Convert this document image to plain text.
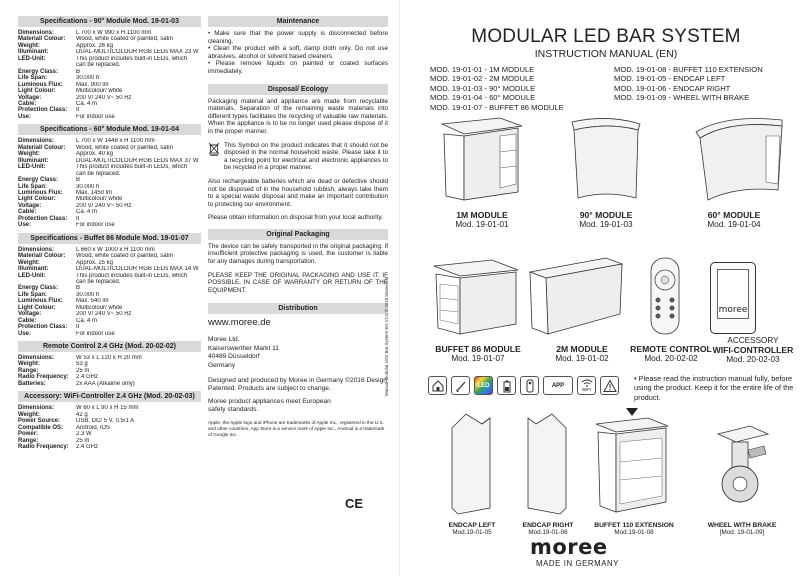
Specifications - 90° Module Mod. 19-01-03
Dimensions:	L 700 x W 990 x H 1100 mm
Material/ Colour:	Wood, white coated or painted, satin
Weight:	Approx. 26 kg
Illuminant:	DUAL-MULTICOLOUR RGB LEDs MAX 23 W
LED-Unit:	This product includes built-in LEDs, which
can be replaced.
Energy Class:	B
Life Span:	30.000 h
Luminous Flux:	Max. 900 lm
Light Colour:	Multicolour/ white
Voltage:	200 V/ 240 V~ 50 Hz
Cable:	Ca. 4 m
Protection Class:	II
Use:	For indoor use
Specifications - 60° Module Mod. 19-01-04
Dimensions:	L 700 x W 1448 x H 1100 mm
Material/ Colour:	Wood, white coated or painted, satin
Weight:	Approx. 40 kg
Illuminant:	DUAL-MULTICOLOUR RGB LEDs MAX 37 W
LED-Unit:	This product includes built-in LEDs, which
can be replaced.
Energy Class:	B
Life Span:	30.000 h
Luminous Flux:	Max. 1450 lm
Light Colour:	Multicolour/ white
Voltage:	200 V/ 240 V~ 50 Hz
Cable:	Ca. 4 m
Protection Class:	II
Use:	For indoor use
Specifications - Buffet 86 Module Mod. 19-01-07
Dimensions:	L 660 x W 1000 x H 1100 mm
Material/ Colour:	Wood, white coated or painted, satin
Weight:	Approx. 25 kg
Illuminant:	DUAL-MULTICOLOUR RGB LEDs MAX 14 W
LED-Unit:	This product includes built-in LEDs, which
can be replaced.
Energy Class:	B
Life Span:	30.000 h
Luminous Flux:	Max. 540 lm
Light Colour:	Multicolour/ white
Voltage:	200 V/ 240 V~ 50 Hz
Cable:	Ca. 4 m
Protection Class:	II
Use:	For indoor use
Remote Control 2.4 GHz (Mod. 20-02-02)
Dimensions:	W 53 x L 120 x H 20 mm
Weight:	53 g
Range:	25 m
Radio Frequency:	2.4 GHz
Batteries:	2x AAA (Alkaline only)
Accessory: WiFi-Controller 2.4 GHz (Mod. 20-02-03)
Dimensions:	W 60 x L 90 x H 15 mm
Weight:	42 g
Power Source:	USB, DC/ 5 V, 0.5/1 A
Compatible OS:	Android, iOS
Power:	2.3 W
Range:	25 m
Radio Frequency:	2.4 GHz
Maintenance
• Make sure that the power supply is disconnected before cleaning.
• Clean the product with a soft, damp cloth only. Do not use abrasives, alcohol or solvent based cleaners.
• Please remove liquids on painted or coated surfaces immediately.
Disposal/ Ecology
Packaging material and appliance are made from recyclable materials. Separation of the remaining waste materials into different types facilitates the recycling of valuable raw materials. When the appliance is to be no longer used please dispose of it in the proper manner.
This Symbol on the product indicates that it should not be disposed in the normal household waste. Please take it to a recycling point for electrical and electronic appliances to be recycled in a proper manner.
Also rechargeable batteries which are dead or defective should not be disposed of in the household rubbish; always take them to a special waste disposal and make an important contribution to protecting our environment.
Please obtain information on disposal from your local authority.
Original Packaging
The device can be safely transported in the original packaging. If insufficient protective packaging is used, the customer is liable for any damages during transportation.
PLEASE KEEP THE ORIGINAL PACKAGING AND USE IT, IF POSSIBLE, IN CASE OF WARRANTY OR RETURN OF THE EQUIPMENT.
Distribution
www.moree.de
Moree Ltd.
Kaiserswerther Markt 11
40489 Düsseldorf
Germany
Designed and produced by Moree in Germany ©2016 Design Patented. Products are subject to change.
Moree product appliances meet European safety standards.
Apple, the Apple logo and iPhone are trademarks of Apple Inc., registered in the U.S. and other countries. App Store is a service mark of Apple Inc., Android is a trademark of Google Inc.
CE
Manual Modular LED Bar System EN V1.0 © 2016 Moree Ltd.
MODULAR LED BAR SYSTEM
INSTRUCTION MANUAL (EN)
MOD. 19-01-01 - 1M MODULE
MOD. 19-01-02 - 2M MODULE
MOD. 19-01-03 - 90° MODULE
MOD. 19-01-04 - 60° MODULE
MOD. 19-01-07 - BUFFET 86 MODULE
MOD. 19-01-08 - BUFFET 110 EXTENSION
MOD. 19-01-05 - ENDCAP LEFT
MOD. 19-01-06 - ENDCAP RIGHT
MOD. 19-01-09 - WHEEL WITH BRAKE
1M MODULE
Mod. 19-01-01
90° MODULE
Mod. 19-01-03
60° MODULE
Mod. 19-01-04
moree
BUFFET 86 MODULE
Mod. 19-01-07
2M MODULE
Mod. 19-01-02
REMOTE CONTROL
Mod. 20-02-02
ACCESSORY
WIFI-CONTROLLER
Mod. 20-02-03
LED	APP
WIFI
• Please read the instruction manual fully, before using the product. Keep it for the entire life of the product.
ENDCAP LEFT
Mod.19-01-05
ENDCAP RIGHT
Mod.19-01-06
BUFFET 110 EXTENSION
Mod.19-01-08
WHEEL WITH BRAKE
[Mod. 19-01-09]
moree
MADE IN GERMANY
